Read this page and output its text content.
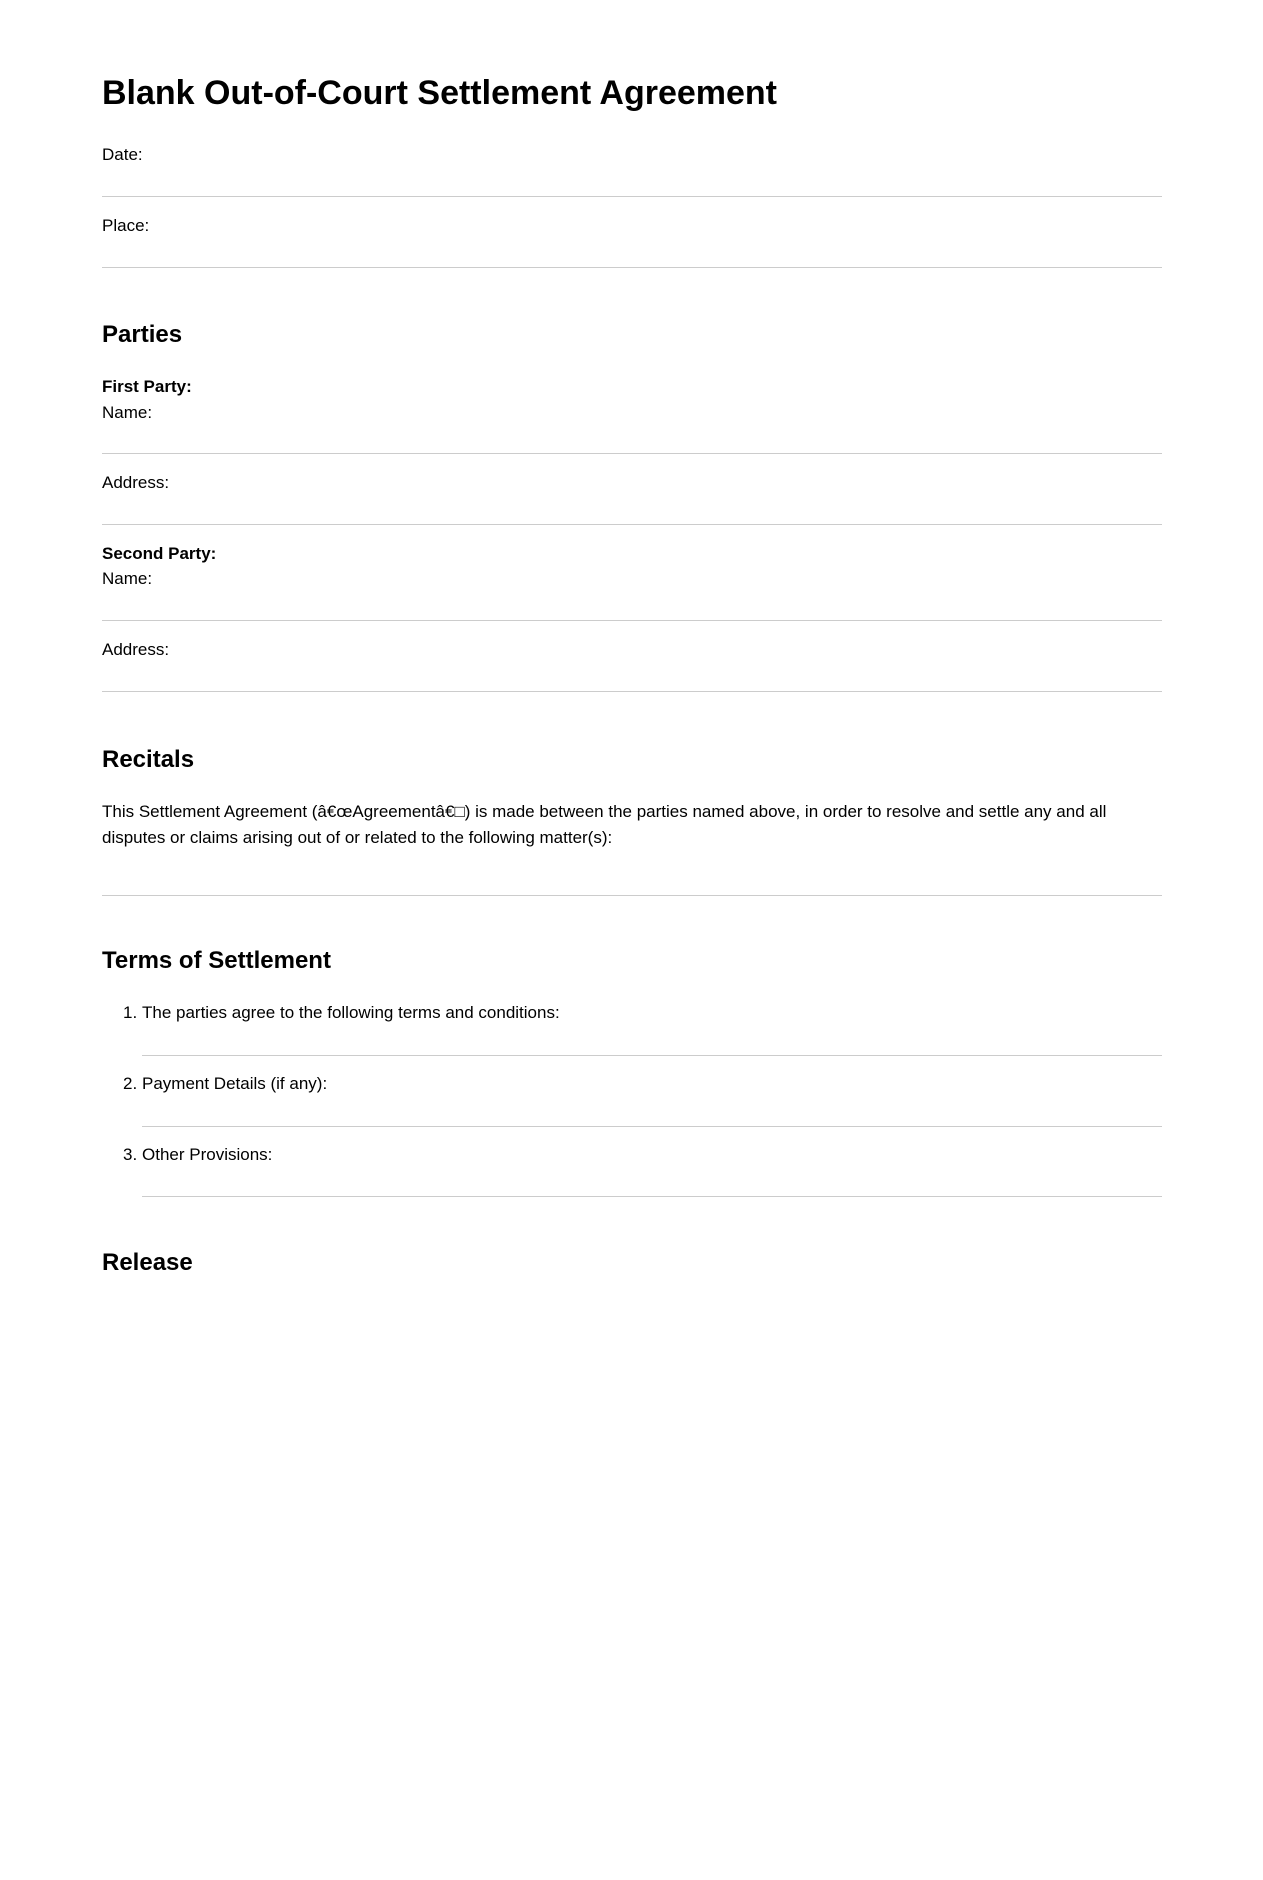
Blank Out-of-Court Settlement Agreement
Date:
Place:
Parties
First Party:
Name:
Address:
Second Party:
Name:
Address:
Recitals

This Settlement Agreement (â€œAgreementâ€□) is made between the parties named above, in order to resolve and settle any and all disputes or claims arising out of or related to the following matter(s):

Terms of Settlement
1. The parties agree to the following terms and conditions:
2. Payment Details (if any):
3. Other Provisions:
Release
